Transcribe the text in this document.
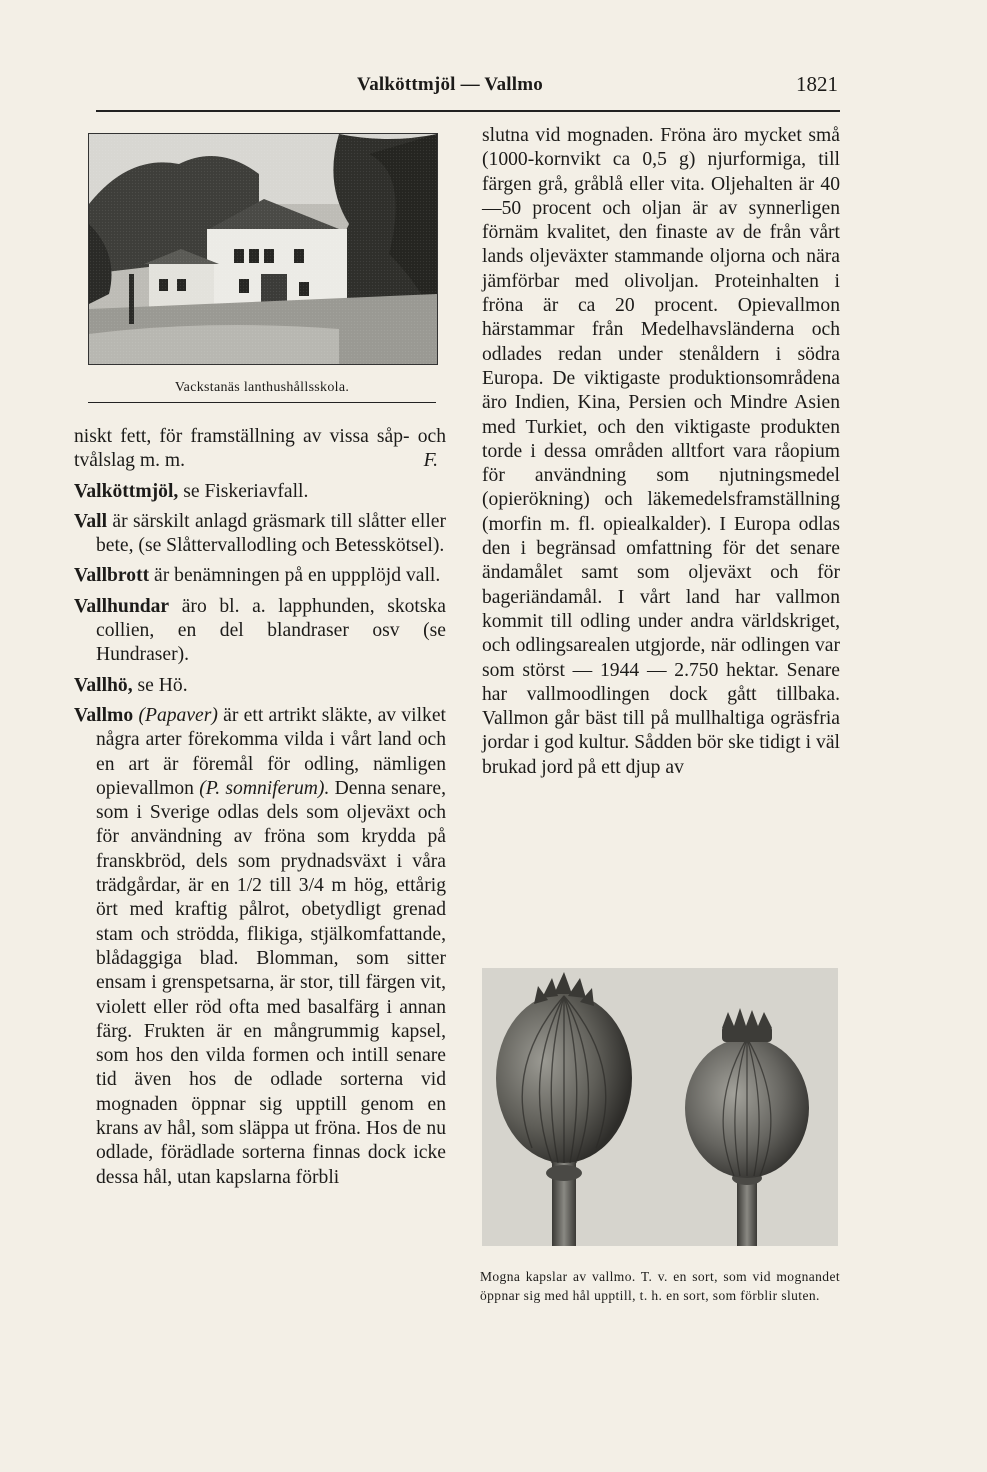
Valköttmjöl — Vallmo	1821
Vackstanäs lanthushållsskola.

niskt fett, för framställning av vissa såp- och tvålslag m. m.	F.

Valköttmjöl, se Fiskeriavfall.

Vall är särskilt anlagd gräsmark till slåtter eller bete, (se Slåttervallodling och Betesskötsel).

Vallbrott är benämningen på en uppplöjd vall.

Vallhundar äro bl. a. lapphunden, skotska collien, en del blandraser osv (se Hundraser).

Vallhö, se Hö.

Vallmo (Papaver) är ett artrikt släkte, av vilket några arter förekomma vilda i vårt land och en art är föremål för odling, nämligen opievallmon (P. somniferum). Denna senare, som i Sverige odlas dels som oljeväxt och för användning av fröna som krydda på franskbröd, dels som prydnadsväxt i våra trädgårdar, är en 1/2 till 3/4 m hög, ettårig ört med kraftig pålrot, obetydligt grenad stam och strödda, flikiga, stjälkomfattande, blådaggiga blad. Blomman, som sitter ensam i grenspetsarna, är stor, till färgen vit, violett eller röd ofta med basalfärg i annan färg. Frukten är en mångrummig kapsel, som hos den vilda formen och intill senare tid även hos de odlade sorterna vid mognaden öppnar sig upptill genom en krans av hål, som släppa ut fröna. Hos de nu odlade, förädlade sorterna finnas dock icke dessa hål, utan kapslarna förbli

slutna vid mognaden. Fröna äro mycket små (1000-kornvikt ca 0,5 g) njurformiga, till färgen grå, gråblå eller vita. Oljehalten är 40 —50 procent och oljan är av synnerligen förnäm kvalitet, den finaste av de från vårt lands oljeväxter stammande oljorna och nära jämförbar med olivoljan. Proteinhalten i fröna är ca 20 procent. Opievallmon härstammar från Medelhavsländerna och odlades redan under stenåldern i södra Europa. De viktigaste produktionsområdena äro Indien, Kina, Persien och Mindre Asien med Turkiet, och den viktigaste produkten torde i dessa områden alltfort vara råopium för användning som njutningsmedel (opierökning) och läkemedelsframställning (morfin m. fl. opiealkalder). I Europa odlas den i begränsad omfattning för det senare ändamålet samt som oljeväxt och för bageriändamål. I vårt land har vallmon kommit till odling under andra världskriget, och odlingsarealen utgjorde, när odlingen var som störst — 1944 — 2.750 hektar. Senare har vallmoodlingen dock gått tillbaka. Vallmon går bäst till på mullhaltiga ogräsfria jordar i god kultur. Sådden bör ske tidigt i väl brukad jord på ett djup av

Mogna kapslar av vallmo. T. v. en sort, som vid mognandet öppnar sig med hål upptill, t. h. en sort, som förblir sluten.
